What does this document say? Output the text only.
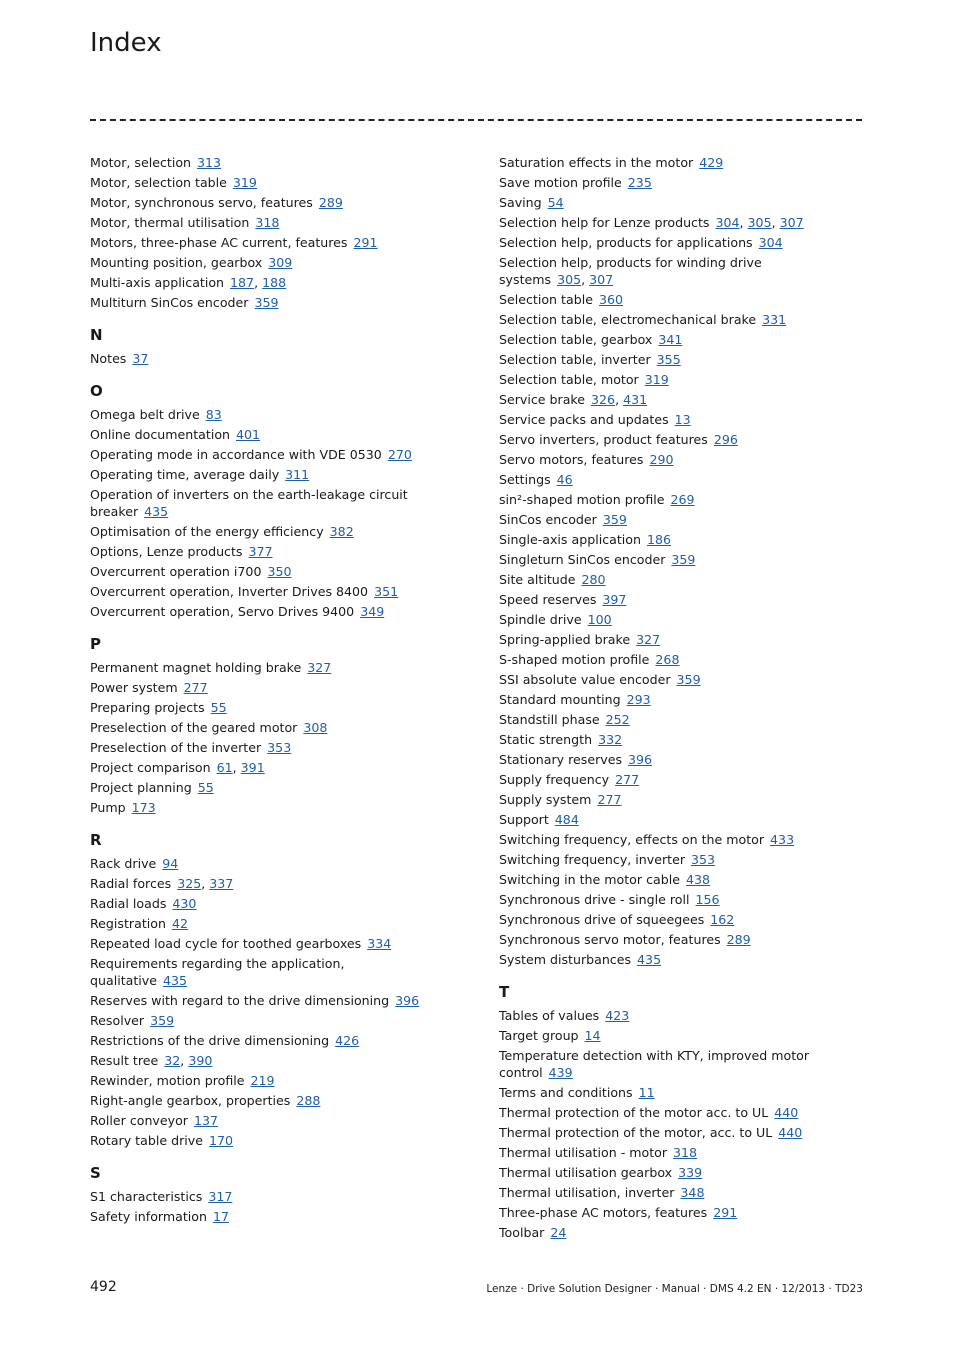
Index
Motor, selection 313
Motor, selection table 319
Motor, synchronous servo, features 289
Motor, thermal utilisation 318
Motors, three-phase AC current, features 291
Mounting position, gearbox 309
Multi-axis application 187, 188
Multiturn SinCos encoder 359
N
Notes 37
O
Omega belt drive 83
Online documentation 401
Operating mode in accordance with VDE 0530 270
Operating time, average daily 311
Operation of inverters on the earth-leakage circuit breaker 435
Optimisation of the energy efficiency 382
Options, Lenze products 377
Overcurrent operation i700 350
Overcurrent operation, Inverter Drives 8400 351
Overcurrent operation, Servo Drives 9400 349
P
Permanent magnet holding brake 327
Power system 277
Preparing projects 55
Preselection of the geared motor 308
Preselection of the inverter 353
Project comparison 61, 391
Project planning 55
Pump 173
R
Rack drive 94
Radial forces 325, 337
Radial loads 430
Registration 42
Repeated load cycle for toothed gearboxes 334
Requirements regarding the application, qualitative 435
Reserves with regard to the drive dimensioning 396
Resolver 359
Restrictions of the drive dimensioning 426
Result tree 32, 390
Rewinder, motion profile 219
Right-angle gearbox, properties 288
Roller conveyor 137
Rotary table drive 170
S
S1 characteristics 317
Safety information 17
Saturation effects in the motor 429
Save motion profile 235
Saving 54
Selection help for Lenze products 304, 305, 307
Selection help, products for applications 304
Selection help, products for winding drive systems 305, 307
Selection table 360
Selection table, electromechanical brake 331
Selection table, gearbox 341
Selection table, inverter 355
Selection table, motor 319
Service brake 326, 431
Service packs and updates 13
Servo inverters, product features 296
Servo motors, features 290
Settings 46
sin²-shaped motion profile 269
SinCos encoder 359
Single-axis application 186
Singleturn SinCos encoder 359
Site altitude 280
Speed reserves 397
Spindle drive 100
Spring-applied brake 327
S-shaped motion profile 268
SSI absolute value encoder 359
Standard mounting 293
Standstill phase 252
Static strength 332
Stationary reserves 396
Supply frequency 277
Supply system 277
Support 484
Switching frequency, effects on the motor 433
Switching frequency, inverter 353
Switching in the motor cable 438
Synchronous drive - single roll 156
Synchronous drive of squeegees 162
Synchronous servo motor, features 289
System disturbances 435
T
Tables of values 423
Target group 14
Temperature detection with KTY, improved motor control 439
Terms and conditions 11
Thermal protection of the motor acc. to UL 440
Thermal protection of the motor, acc. to UL 440
Thermal utilisation - motor 318
Thermal utilisation gearbox 339
Thermal utilisation, inverter 348
Three-phase AC motors, features 291
Toolbar 24
492	Lenze · Drive Solution Designer · Manual · DMS 4.2 EN · 12/2013 · TD23
